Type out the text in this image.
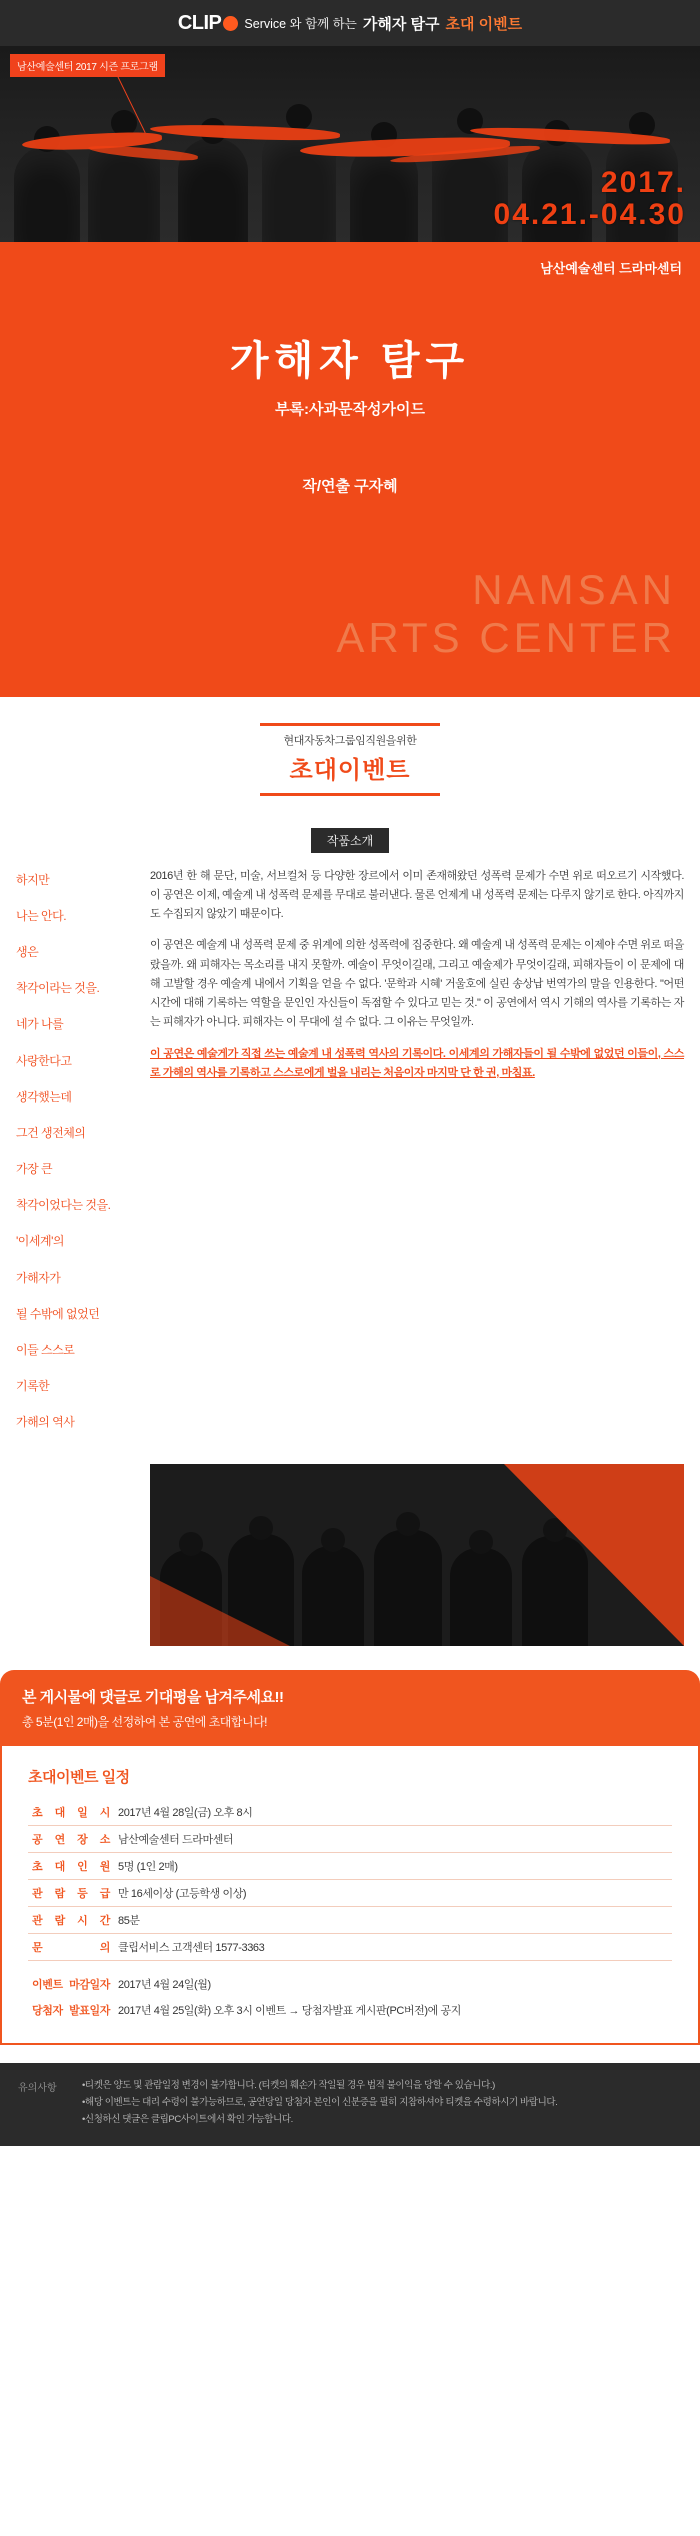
CLIP Service 와 함께 하는 가해자 탐구 초대 이벤트
남산예술센터 2017 시즌 프로그램
2017.
04.21.-04.30
남산예술센터 드라마센터
가해자 탐구
부록:사과문작성가이드
작/연출 구자혜
NAMSAN
ARTS CENTER
현대자동차그룹임직원을위한
초대이벤트
작품소개

하지만

나는 안다.

생은

착각이라는 것을.

네가 나를

사랑한다고

생각했는데

그건 생전체의

가장 큰

착각이었다는 것을.

'이세계'의

가해자가

될 수밖에 없었던

이들 스스로

기록한

가해의 역사

2016년 한 해 문단, 미술, 서브컬처 등 다양한 장르에서 이미 존재해왔던 성폭력 문제가 수면 위로 떠오르기 시작했다. 이 공연은 이제, 예술계 내 성폭력 문제를 무대로 불러낸다. 물론 언제게 내 성폭력 문제는 다루지 않기로 한다. 아직까지도 수집되지 않았기 때문이다.

이 공연은 예술계 내 성폭력 문제 중 위계에 의한 성폭력에 집중한다. 왜 예술계 내 성폭력 문제는 이제야 수면 위로 떠올랐을까. 왜 피해자는 목소리를 내지 못할까. 예술이 무엇이길래, 그리고 예술제가 무엇이길래, 피해자들이 이 문제에 대해 고발할 경우 예술계 내에서 기획을 얻을 수 없다. '문학과 시혜' 거울호에 실린 송상납 번역가의 말을 인용한다. "어떤 시간에 대해 기록하는 역할을 문인인 자신들이 독점할 수 있다고 믿는 것." 이 공연에서 역시 기해의 역사를 기록하는 자는 피해자가 아니다. 피해자는 이 무대에 설 수 없다. 그 이유는 무엇일까.

이 공연은 예술게가 직접 쓰는 예술계 내 성폭력 역사의 기록이다. 이세계의 가해자들이 될 수밖에 없었던 이들이, 스스로 가해의 역사를 기록하고 스스로에게 벌을 내리는 처음이자 마지막 단 한 권, 마침표.

본 게시물에 댓글로 기대평을 남겨주세요!!
총 5분(1인 2매)을 선정하여 본 공연에 초대합니다!
초대이벤트 일정
초 대 일 시	2017년 4월 28일(금) 오후 8시
공 연 장 소	남산예술센터 드라마센터
초 대 인 원	5명 (1인 2매)
관 람 등 급	만 16세이상 (고등학생 이상)
관 람 시 간	85분
문 의	클립서비스 고객센터 1577-3363

이벤트 마감일자	2017년 4월 24일(월)
당첨자 발표일자	2017년 4월 25일(화) 오후 3시 이벤트 → 당첨자발표 게시판(PC버전)에 공지
유의사항	•티켓은 양도 및 관람일정 변경이 불가합니다. (티켓의 훼손가 작일될 경우 법적 불이익을 당할 수 있습니다.)
•해당 이벤트는 대리 수령이 불가능하므로, 공연당일 당첨자 본인이 신분증을 필히 지참하셔야 티켓을 수령하시기 바랍니다.
•신청하신 댓글은 클립PC사이트에서 확인 가능합니다.
